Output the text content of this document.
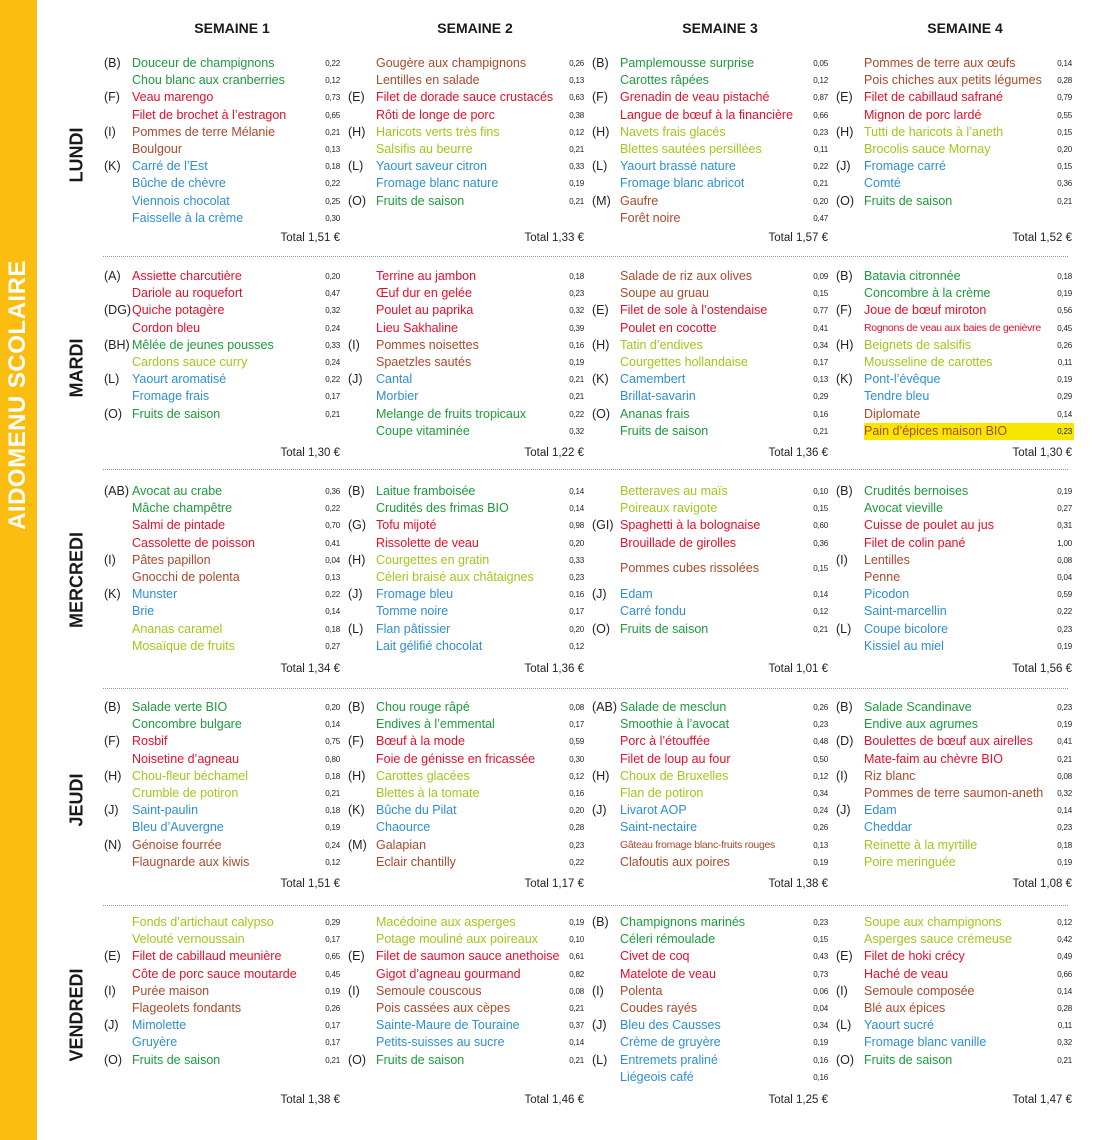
AIDOMENU SCOLAIRE
SEMAINE 1	SEMAINE 2	SEMAINE 3	SEMAINE 4
LUNDI
(B) Douceur de champignons	0,22
Chou blanc aux cranberries	0,12
(F) Veau marengo	0,73
Filet de brochet à l’estragon	0,65
(I) Pommes de terre Mélanie	0,21
Boulgour	0,13
(K) Carré de l’Est	0,18
Bûche de chèvre	0,22
Viennois chocolat	0,25
Faisselle à la crème	0,30
Total 1,51 €
Gougère aux champignons	0,26
Lentilles en salade	0,13
(E) Filet de dorade sauce crustacés 0,63
Rôti de longe de porc	0,38
(H) Haricots verts très fins	0,12
Salsifis au beurre	0,21
(L) Yaourt saveur citron	0,33
Fromage blanc nature	0,19
(O) Fruits de saison	0,21
Total 1,33 €
(B) Pamplemousse surprise	0,05
Carottes râpées	0,12
(F) Grenadin de veau pistaché	0,87
Langue de bœuf à la financière	0,66
(H) Navets frais glacés	0,23
Blettes sautées persillées	0,11
(L) Yaourt brassé nature	0,22
Fromage blanc abricot	0,21
(M) Gaufre	0,20
Forêt noire	0,47
Total 1,57 €
Pommes de terre aux œufs	0,14
Pois chiches aux petits légumes 0,28
(E) Filet de cabillaud safrané	0,79
Mignon de porc lardé	0,55
(H) Tutti de haricots à l’aneth	0,15
Brocolis sauce Mornay	0,20
(J) Fromage carré	0,15
Comté	0,36
(O) Fruits de saison	0,21
Total 1,52 €
MARDI
(A) Assiette charcutière	0,20
Dariole au roquefort	0,47
(DG) Quiche potagère	0,32
Cordon bleu	0,24
(BH) Mêlée de jeunes pousses	0,33
Cardons sauce curry	0,24
(L) Yaourt aromatisé	0,22
Fromage frais	0,17
(O) Fruits de saison	0,21
Total 1,30 €
Terrine au jambon	0,18
Œuf dur en gelée	0,23
Poulet au paprika	0,32
Lieu Sakhaline	0,39
(I) Pommes noisettes	0,16
Spaetzles sautés	0,19
(J) Cantal	0,21
Morbier	0,21
Melange de fruits tropicaux	0,22
Coupe vitaminée	0,32
Total 1,22 €
Salade de riz aux olives	0,09
Soupe au gruau	0,15
(E) Filet de sole à l’ostendaise	0,77
Poulet en cocotte	0,41
(H) Tatin d’endives	0,34
Courgettes hollandaise	0,17
(K) Camembert	0,13
Brillat-savarin	0,29
(O) Ananas frais	0,16
Fruits de saison	0,21
Total 1,36 €
(B) Batavia citronnée	0,18
Concombre à la crème	0,19
(F) Joue de bœuf miroton	0,56
Rognons de veau aux baies de genièvre 0,45
(H) Beignets de salsifis	0,26
Mousseline de carottes	0,11
(K) Pont-l’évêque	0,19
Tendre bleu	0,29
Diplomate	0,14
Pain d’épices maison BIO	0,23
Total 1,30 €
MERCREDI
(AB) Avocat au crabe	0,36
Mâche champêtre	0,22
Salmi de pintade	0,70
Cassolette de poisson	0,41
(I) Pâtes papillon	0,04
Gnocchi de polenta	0,13
(K) Munster	0,22
Brie	0,14
Ananas caramel	0,18
Mosaïque de fruits	0,27
Total 1,34 €
(B) Laitue framboisée	0,14
Crudités des frimas BIO	0,14
(G) Tofu mijoté	0,98
Rissolette de veau	0,20
(H) Courgettes en gratin	0,33
Céleri braisé aux châtaignes	0,23
(J) Fromage bleu	0,16
Tomme noire	0,17
(L) Flan pâtissier	0,20
Lait gélifié chocolat	0,12
Total 1,36 €
Betteraves au maïs	0,10
Poireaux ravigote	0,15
(GI) Spaghetti à la bolognaise	0,60
Brouillade de girolles	0,36
Pommes cubes rissolées	0,15
(J) Edam	0,14
Carré fondu	0,12
(O) Fruits de saison	0,21
Total 1,01 €
(B) Crudités bernoises	0,19
Avocat vieville	0,27
Cuisse de poulet au jus	0,31
Filet de colin pané	1,00
(I) Lentilles	0,08
Penne	0,04
Picodon	0,59
Saint-marcellin	0,22
(L) Coupe bicolore	0,23
Kissiel au miel	0,19
Total 1,56 €
JEUDI
(B) Salade verte BIO	0,20
Concombre bulgare	0,14
(F) Rosbif	0,75
Noisetine d’agneau	0,80
(H) Chou-fleur béchamel	0,18
Crumble de potiron	0,21
(J) Saint-paulin	0,18
Bleu d’Auvergne	0,19
(N) Génoise fourrée	0,24
Flaugnarde aux kiwis	0,12
Total 1,51 €
(B) Chou rouge râpé	0,08
Endives à l’emmental	0,17
(F) Bœuf à la mode	0,59
Foie de génisse en fricassée	0,30
(H) Carottes glacées	0,12
Blettes à la tomate	0,16
(K) Bûche du Pilat	0,20
Chaource	0,28
(M) Galapian	0,23
Eclair chantilly	0,22
Total 1,17 €
(AB) Salade de mesclun	0,26
Smoothie à l’avocat	0,23
Porc à l’étouffée	0,48
Filet de loup au four	0,50
(H) Choux de Bruxelles	0,12
Flan de potiron	0,34
(J) Livarot AOP	0,24
Saint-nectaire	0,26
Gâteau fromage blanc-fruits rouges	0,13
Clafoutis aux poires	0,19
Total 1,38 €
(B) Salade Scandinave	0,23
Endive aux agrumes	0,19
(D) Boulettes de bœuf aux airelles	0,41
Mate-faim au chèvre BIO	0,21
(I) Riz blanc	0,08
Pommes de terre saumon-aneth 0,32
(J) Edam	0,14
Cheddar	0,23
Reinette à la myrtille	0,18
Poire meringuée	0,19
Total 1,08 €
VENDREDI
Fonds d’artichaut calypso	0,29
Velouté vernoussain	0,17
(E) Filet de cabillaud meunière	0,65
Côte de porc sauce moutarde	0,45
(I) Purée maison	0,19
Flageolets fondants	0,26
(J) Mimolette	0,17
Gruyère	0,17
(O) Fruits de saison	0,21
Total 1,38 €
Macédoine aux asperges	0,19
Potage mouliné aux poireaux	0,10
(E) Filet de saumon sauce anethoise 0,61
Gigot d’agneau gourmand	0,82
(I) Semoule couscous	0,08
Pois cassées aux cèpes	0,21
Sainte-Maure de Touraine	0,37
Petits-suisses au sucre	0,14
(O) Fruits de saison	0,21
Total 1,46 €
(B) Champignons marinés	0,23
Céleri rémoulade	0,15
Civet de coq	0,43
Matelote de veau	0,73
(I) Polenta	0,06
Coudes rayés	0,04
(J) Bleu des Causses	0,34
Crème de gruyère	0,19
(L) Entremets praliné	0,16
Liégeois café	0,16
Total 1,25 €
Soupe aux champignons	0,12
Asperges sauce crémeuse	0,42
(E) Filet de hoki crécy	0,49
Haché de veau	0,66
(I) Semoule composée	0,14
Blé aux épices	0,28
(L) Yaourt sucré	0,11
Fromage blanc vanille	0,32
(O) Fruits de saison	0,21
Total 1,47 €
